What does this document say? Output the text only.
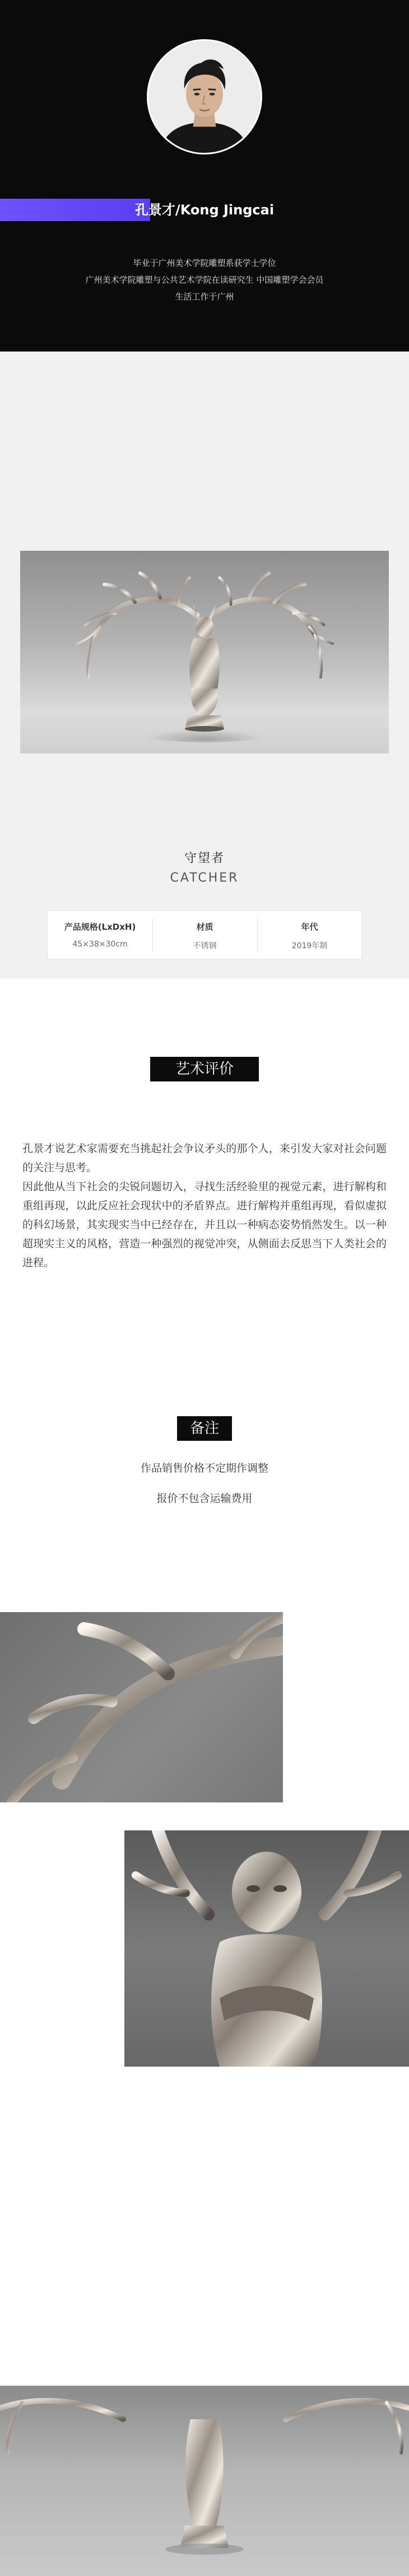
孔景才/Kong Jingcai
毕业于广州美术学院雕塑系获学士学位
广州美术学院雕塑与公共艺术学院在读研究生 中国雕塑学会会员
生活工作于广州
守望者
CATCHER
产品规格(LxDxH)
45×38×30cm
材质
不锈钢
年代
2019年制
艺术评价

孔景才说艺术家需要充当挑起社会争议矛头的那个人，来引发大家对社会问题的关注与思考。

因此他从当下社会的尖锐问题切入，寻找生活经验里的视觉元素，进行解构和重组再现，以此反应社会现状中的矛盾界点。进行解构并重组再现，看似虚拟的科幻场景，其实现实当中已经存在，并且以一种病态姿势悄然发生。以一种超现实主义的风格，营造一种强烈的视觉冲突，从侧面去反思当下人类社会的进程。

备注
作品销售价格不定期作调整
报价不包含运输费用
